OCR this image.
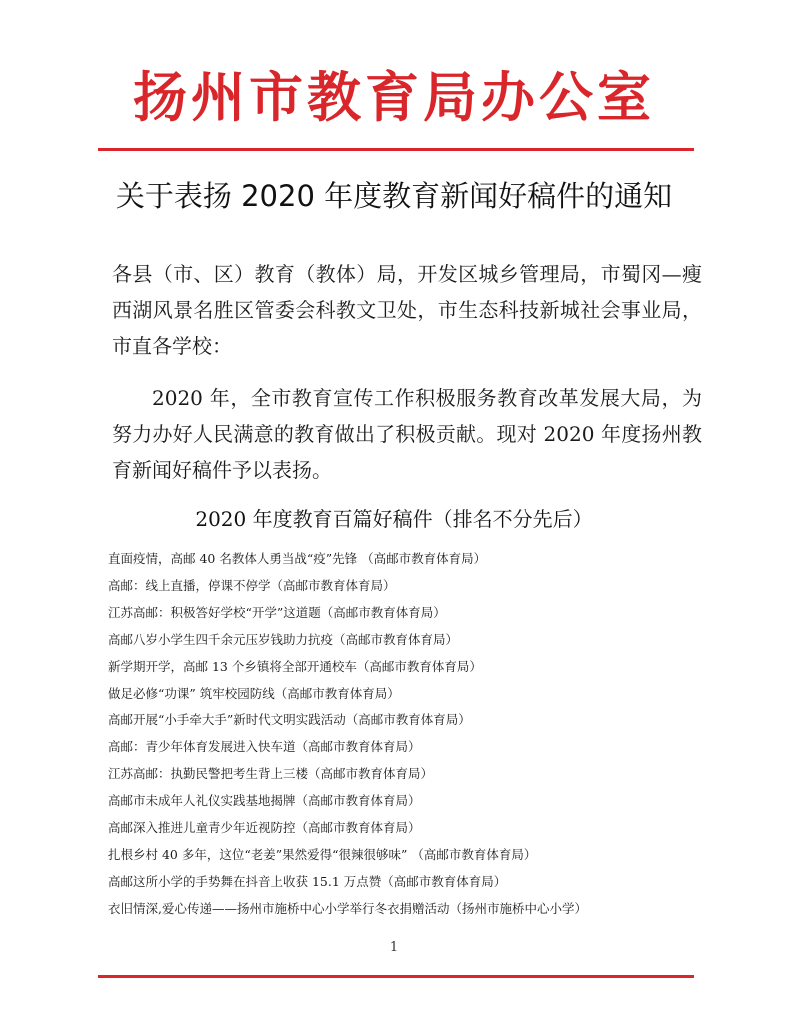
扬州市教育局办公室
关于表扬 2020 年度教育新闻好稿件的通知
各县（市、区）教育（教体）局，开发区城乡管理局，市蜀冈—瘦西湖风景名胜区管委会科教文卫处，市生态科技新城社会事业局，市直各学校：
2020 年，全市教育宣传工作积极服务教育改革发展大局，为努力办好人民满意的教育做出了积极贡献。现对 2020 年度扬州教育新闻好稿件予以表扬。
2020 年度教育百篇好稿件（排名不分先后）
直面疫情，高邮 40 名教体人勇当战“疫”先锋 （高邮市教育体育局）
高邮：线上直播，停课不停学（高邮市教育体育局）
江苏高邮：积极答好学校“开学”这道题（高邮市教育体育局）
高邮八岁小学生四千余元压岁钱助力抗疫（高邮市教育体育局）
新学期开学，高邮 13 个乡镇将全部开通校车（高邮市教育体育局）
做足必修“功课” 筑牢校园防线（高邮市教育体育局）
高邮开展“小手牵大手”新时代文明实践活动（高邮市教育体育局）
高邮：青少年体育发展进入快车道（高邮市教育体育局）
江苏高邮：执勤民警把考生背上三楼（高邮市教育体育局）
高邮市未成年人礼仪实践基地揭牌（高邮市教育体育局）
高邮深入推进儿童青少年近视防控（高邮市教育体育局）
扎根乡村 40 多年，这位“老姜”果然爱得“很辣很够味” （高邮市教育体育局）
高邮这所小学的手势舞在抖音上收获 15.1 万点赞（高邮市教育体育局）
衣旧情深,爱心传递——扬州市施桥中心小学举行冬衣捐赠活动（扬州市施桥中心小学）
1
